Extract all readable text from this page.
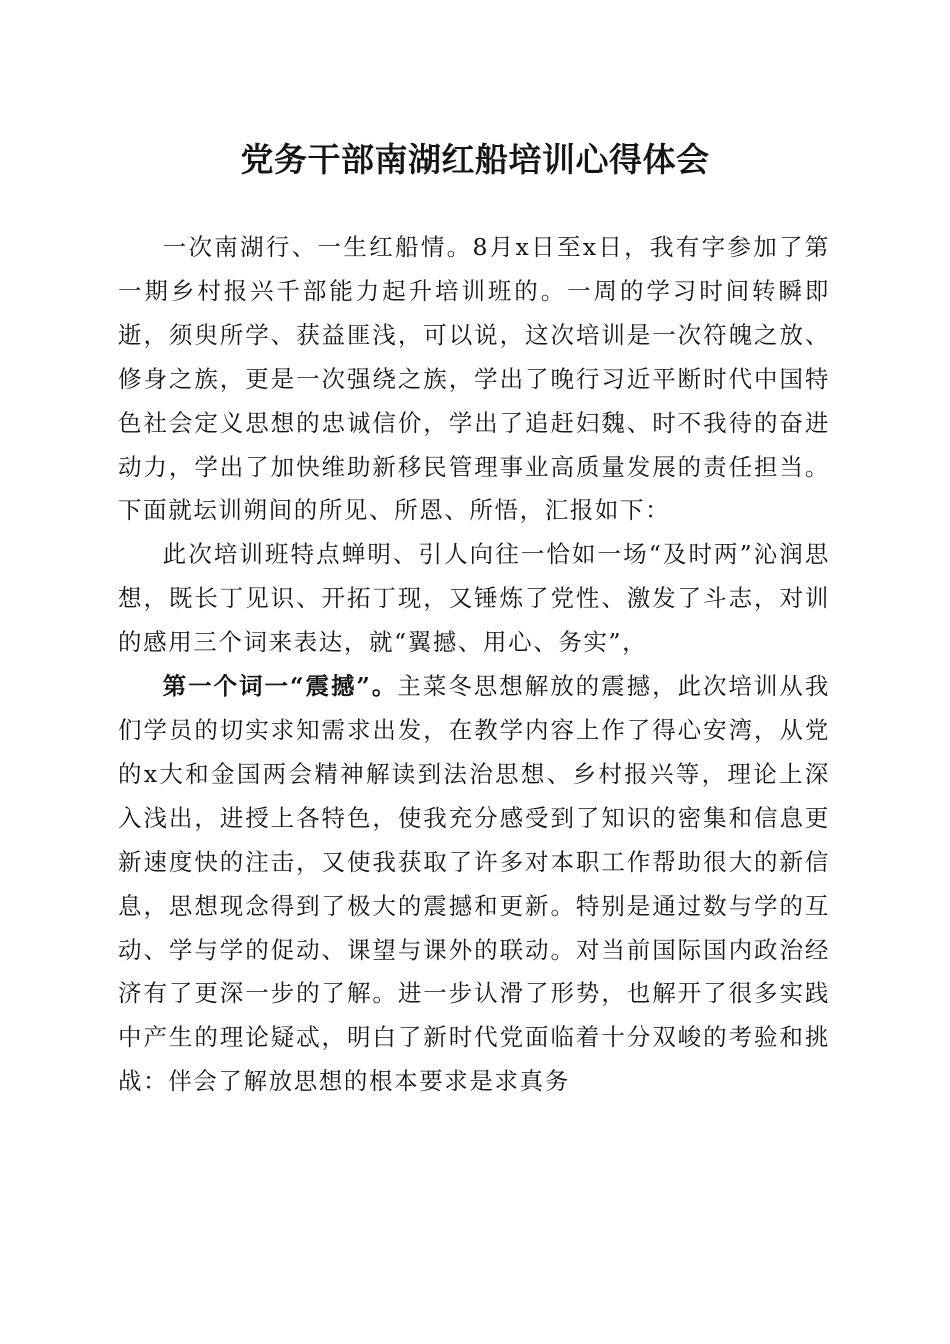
党务干部南湖红船培训心得体会

一次南湖行、一生红船情。8月x日至x日，我有字参加了第一期乡村报兴千部能力起升培训班的。一周的学习时间转瞬即逝，须臾所学、获益匪浅，可以说，这次培训是一次符魄之放、修身之族，更是一次强绕之族，学出了晚行习近平断时代中国特色社会定义思想的忠诚信价，学出了追赶妇魏、时不我待的奋进动力，学出了加快维助新移民管理事业高质量发展的责任担当。下面就坛训朔间的所见、所恩、所悟，汇报如下：

此次培训班特点蝉明、引人向往一恰如一场“及时两”沁润思想，既长丁见识、开拓丁现，又锤炼了党性、激发了斗志，对训的感用三个词来表达，就“翼撼、用心、务实”，

第一个词一“震撼”。主菜冬思想解放的震撼，此次培训从我们学员的切实求知需求出发，在教学内容上作了得心安湾，从党的x大和金国两会精神解读到法治思想、乡村报兴等，理论上深入浅出，进授上各特色，使我充分感受到了知识的密集和信息更新速度快的注击，又使我获取了许多对本职工作帮助很大的新信息，思想现念得到了极大的震撼和更新。特别是通过数与学的互动、学与学的促动、课望与课外的联动。对当前国际国内政治经济有了更深一步的了解。进一步认滑了形势，也解开了很多实践中产生的理论疑忒，明白了新时代党面临着十分双峻的考验和挑战：伴会了解放思想的根本要求是求真务
